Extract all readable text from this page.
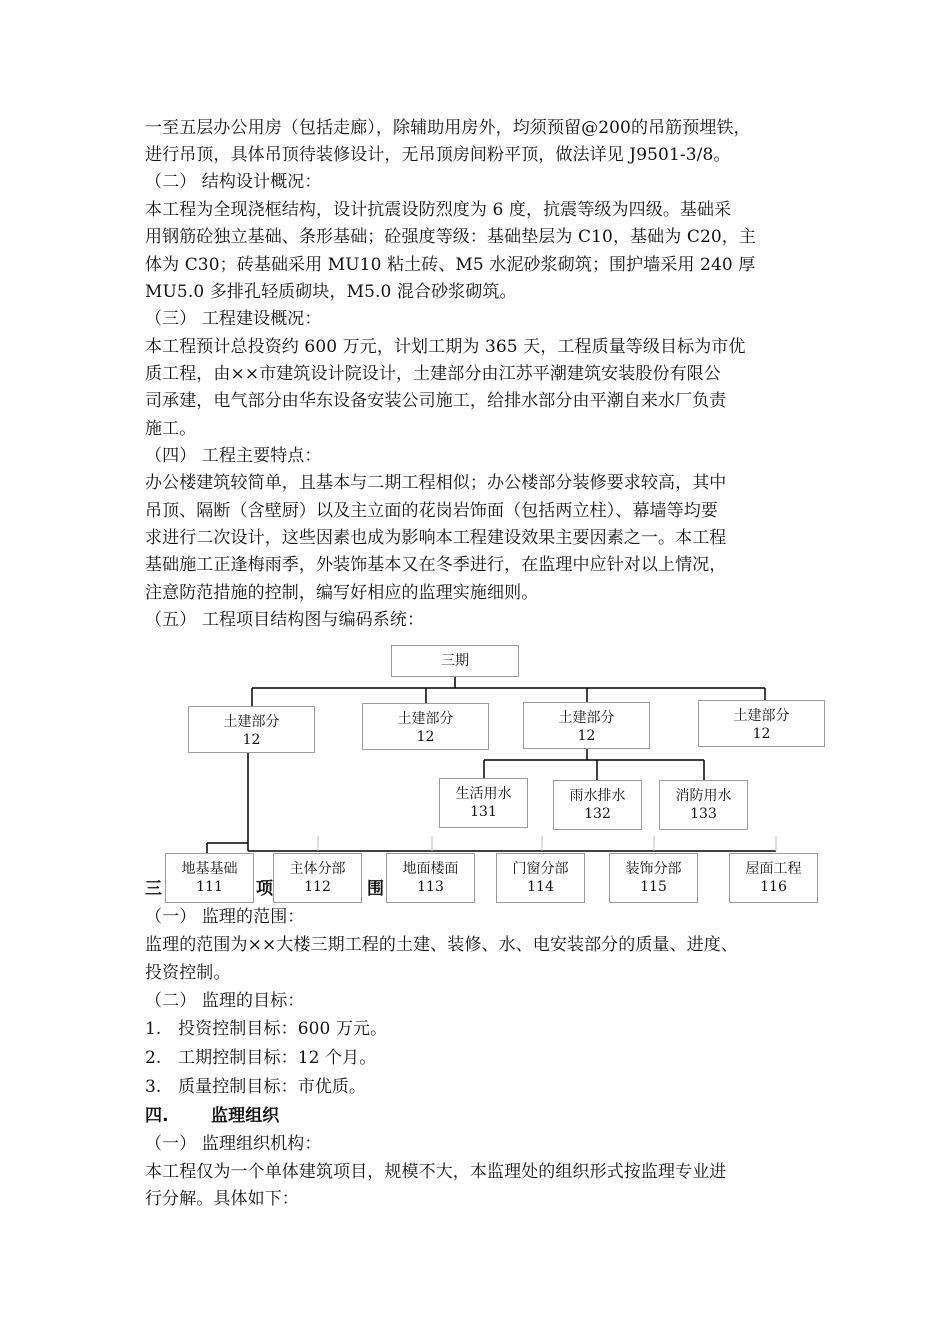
一至五层办公用房（包括走廊），除辅助用房外，均须预留@200的吊筋预埋铁，
进行吊顶，具体吊顶待装修设计，无吊顶房间粉平顶，做法详见 J9501-3/8。
（二） 结构设计概况：
本工程为全现浇框结构，设计抗震设防烈度为 6 度，抗震等级为四级。基础采
用钢筋砼独立基础、条形基础；砼强度等级：基础垫层为 C10，基础为 C20，主
体为 C30；砖基础采用 MU10 粘土砖、M5 水泥砂浆砌筑；围护墙采用 240 厚
MU5.0 多排孔轻质砌块，M5.0 混合砂浆砌筑。
（三） 工程建设概况：
本工程预计总投资约 600 万元，计划工期为 365 天，工程质量等级目标为市优
质工程，由××市建筑设计院设计，土建部分由江苏平潮建筑安装股份有限公
司承建，电气部分由华东设备安装公司施工，给排水部分由平潮自来水厂负责
施工。
（四） 工程主要特点：
办公楼建筑较简单，且基本与二期工程相似；办公楼部分装修要求较高，其中
吊顶、隔断（含壁厨）以及主立面的花岗岩饰面（包括两立柱）、幕墙等均要
求进行二次设计，这些因素也成为影响本工程建设效果主要因素之一。本工程
基础施工正逢梅雨季，外装饰基本又在冬季进行，在监理中应针对以上情况，
注意防范措施的控制，编写好相应的监理实施细则。
（五） 工程项目结构图与编码系统：
三	项	围
三期
土建部分
12
土建部分
12
土建部分
12
土建部分
12
生活用水
131
雨水排水
132
消防用水
133
地基基础
111
主体分部
112
地面楼面
113
门窗分部
114
装饰分部
115
屋面工程
116
（一） 监理的范围：
监理的范围为××大楼三期工程的土建、装修、水、电安装部分的质量、进度、
投资控制。
（二） 监理的目标：
1. 投资控制目标：600 万元。
2. 工期控制目标：12 个月。
3. 质量控制目标：市优质。
四. 监理组织
（一） 监理组织机构：
本工程仅为一个单体建筑项目，规模不大，本监理处的组织形式按监理专业进
行分解。具体如下：
